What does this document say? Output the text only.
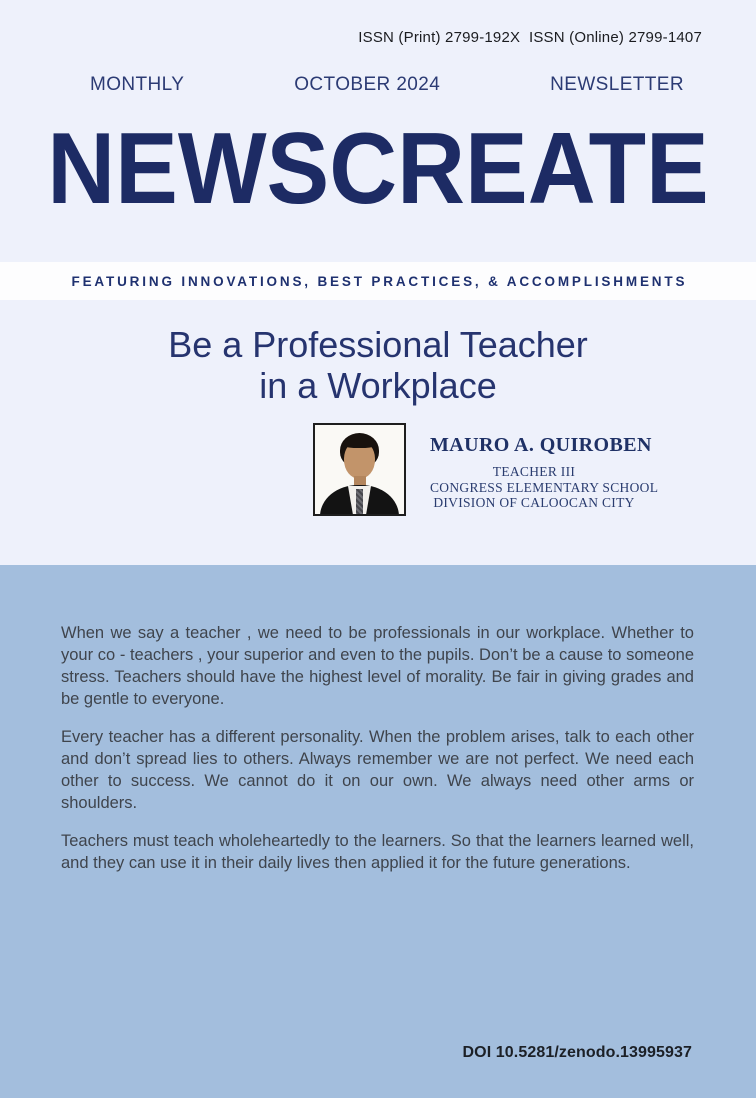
ISSN (Print) 2799-192X  ISSN (Online) 2799-1407
MONTHLY	OCTOBER 2024	NEWSLETTER
NEWSCREATE
FEATURING INNOVATIONS, BEST PRACTICES, & ACCOMPLISHMENTS
Be a Professional Teacher
in a Workplace
MAURO A. QUIROBEN
TEACHER III
CONGRESS ELEMENTARY SCHOOL
DIVISION OF CALOOCAN CITY

When we say a teacher , we need to be professionals in our workplace. Whether to your co - teachers , your superior and even to the pupils. Don’t be a cause to someone stress. Teachers should have the highest level of morality. Be fair in giving grades and be gentle to everyone.

Every teacher has a different personality. When the problem arises, talk to each other and don’t spread lies to others. Always remember we are not perfect. We need each other to success. We cannot do it on our own. We always need other arms or shoulders.

Teachers must teach wholeheartedly to the learners. So that the learners learned well, and they can use it in their daily lives then applied it for the future generations.

DOI 10.5281/zenodo.13995937
